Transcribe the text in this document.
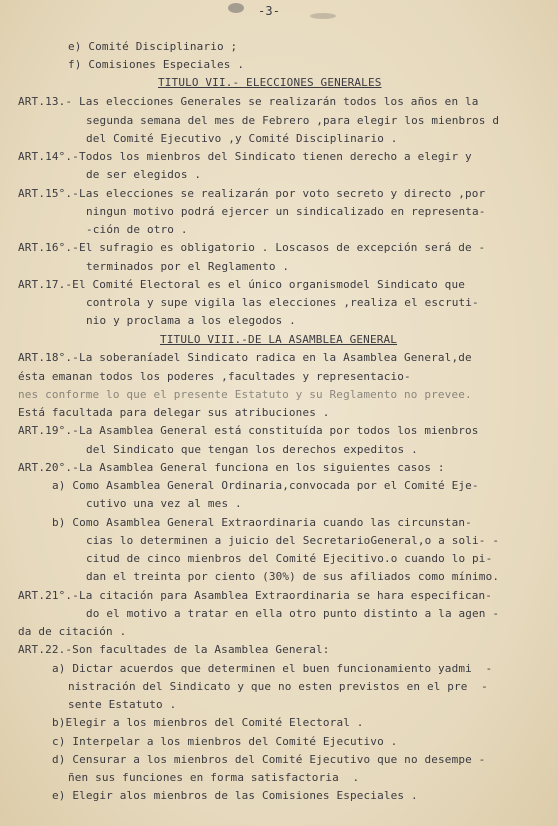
-3-
e) Comité Disciplinario ;
f) Comisiones Especiales .
TITULO VII.- ELECCIONES GENERALES
ART.13.- Las elecciones Generales se realizarán todos los años en la
segunda semana del mes de Febrero ,para elegir los mienbros d
del Comité Ejecutivo ,y Comité Disciplinario .
ART.14°.-Todos los mienbros del Sindicato tienen derecho a elegir y
de ser elegidos .
ART.15°.-Las elecciones se realizarán por voto secreto y directo ,por
ningun motivo podrá ejercer un sindicalizado en representa-
-ción de otro .
ART.16°.-El sufragio es obligatorio . Loscasos de excepción será de -
terminados por el Reglamento .
ART.17.-El Comité Electoral es el único organismodel Sindicato que
controla y supe vigila las elecciones ,realiza el escruti-
nio y proclama a los elegodos .
TITULO VIII.-DE LA ASAMBLEA GENERAL
ART.18°.-La soberaníadel Sindicato radica en la Asamblea General,de
ésta emanan todos los poderes ,facultades y representacio-
nes conforme lo que el presente Estatuto y su Reglamento no prevee.
Está facultada para delegar sus atribuciones .
ART.19°.-La Asamblea General está constituída por todos los mienbros
del Sindicato que tengan los derechos expeditos .
ART.20°.-La Asamblea General funciona en los siguientes casos :
a) Como Asamblea General Ordinaria,convocada por el Comité Eje-
cutivo una vez al mes .
b) Como Asamblea General Extraordinaria cuando las circunstan-
cias lo determinen a juicio del SecretarioGeneral,o a soli- -
citud de cinco mienbros del Comité Ejecitivo.o cuando lo pi-
dan el treinta por ciento (30%) de sus afiliados como mínimo.
ART.21°.-La citación para Asamblea Extraordinaria se hara especifican-
do el motivo a tratar en ella otro punto distinto a la agen -
da de citación .
ART.22.-Son facultades de la Asamblea General:
a) Dictar acuerdos que determinen el buen funcionamiento yadmi  -
nistración del Sindicato y que no esten previstos en el pre  -
sente Estatuto .
b)Elegir a los mienbros del Comité Electoral .
c) Interpelar a los mienbros del Comité Ejecutivo .
d) Censurar a los mienbros del Comité Ejecutivo que no desempe -
ñen sus funciones en forma satisfactoria  .
e) Elegir alos mienbros de las Comisiones Especiales .
